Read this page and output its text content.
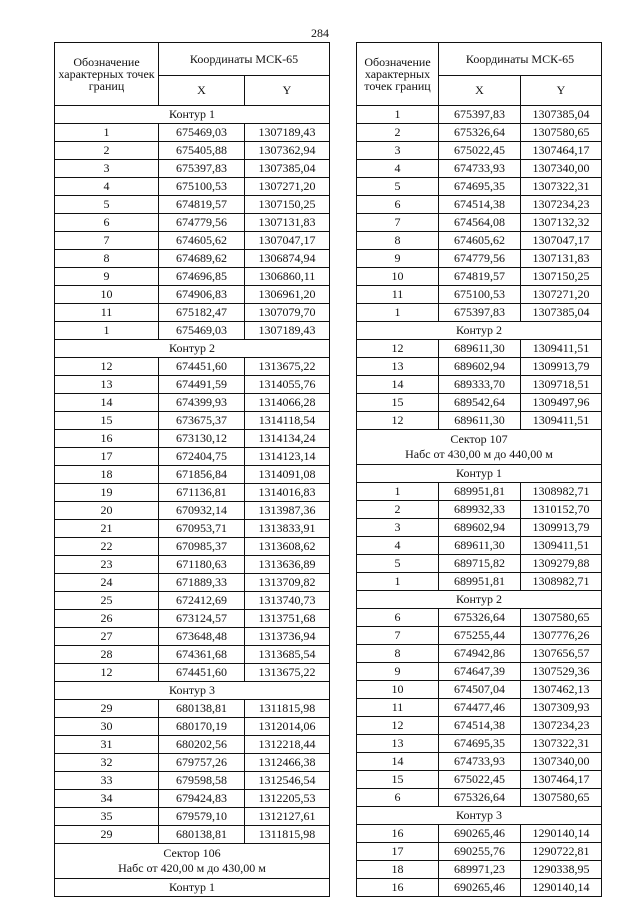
284
Обозначение характерных точек границ	Координаты МСК-65	
	X	Y
Контур 1		
1	675469,03	1307189,43
2	675405,88	1307362,94
3	675397,83	1307385,04
4	675100,53	1307271,20
5	674819,57	1307150,25
6	674779,56	1307131,83
7	674605,62	1307047,17
8	674689,62	1306874,94
9	674696,85	1306860,11
10	674906,83	1306961,20
11	675182,47	1307079,70
1	675469,03	1307189,43
Контур 2		
12	674451,60	1313675,22
13	674491,59	1314055,76
14	674399,93	1314066,28
15	673675,37	1314118,54
16	673130,12	1314134,24
17	672404,75	1314123,14
18	671856,84	1314091,08
19	671136,81	1314016,83
20	670932,14	1313987,36
21	670953,71	1313833,91
22	670985,37	1313608,62
23	671180,63	1313636,89
24	671889,33	1313709,82
25	672412,69	1313740,73
26	673124,57	1313751,68
27	673648,48	1313736,94
28	674361,68	1313685,54
12	674451,60	1313675,22
Контур 3		
29	680138,81	1311815,98
30	680170,19	1312014,06
31	680202,56	1312218,44
32	679757,26	1312466,38
33	679598,58	1312546,54
34	679424,83	1312205,53
35	679579,10	1312127,61
29	680138,81	1311815,98

Сектор 106
Набс от 420,00 м до 430,00 м		

Контур 1		
Обозначение характерных точек границ	Координаты МСК-65	
	X	Y
1	675397,83	1307385,04
2	675326,64	1307580,65
3	675022,45	1307464,17
4	674733,93	1307340,00
5	674695,35	1307322,31
6	674514,38	1307234,23
7	674564,08	1307132,32
8	674605,62	1307047,17
9	674779,56	1307131,83
10	674819,57	1307150,25
11	675100,53	1307271,20
1	675397,83	1307385,04
Контур 2		
12	689611,30	1309411,51
13	689602,94	1309913,79
14	689333,70	1309718,51
15	689542,64	1309497,96
12	689611,30	1309411,51

Сектор 107
Набс от 430,00 м до 440,00 м		

Контур 1		
1	689951,81	1308982,71
2	689932,33	1310152,70
3	689602,94	1309913,79
4	689611,30	1309411,51
5	689715,82	1309279,88
1	689951,81	1308982,71
Контур 2		
6	675326,64	1307580,65
7	675255,44	1307776,26
8	674942,86	1307656,57
9	674647,39	1307529,36
10	674507,04	1307462,13
11	674477,46	1307309,93
12	674514,38	1307234,23
13	674695,35	1307322,31
14	674733,93	1307340,00
15	675022,45	1307464,17
6	675326,64	1307580,65
Контур 3		
16	690265,46	1290140,14
17	690255,76	1290722,81
18	689971,23	1290338,95
16	690265,46	1290140,14
